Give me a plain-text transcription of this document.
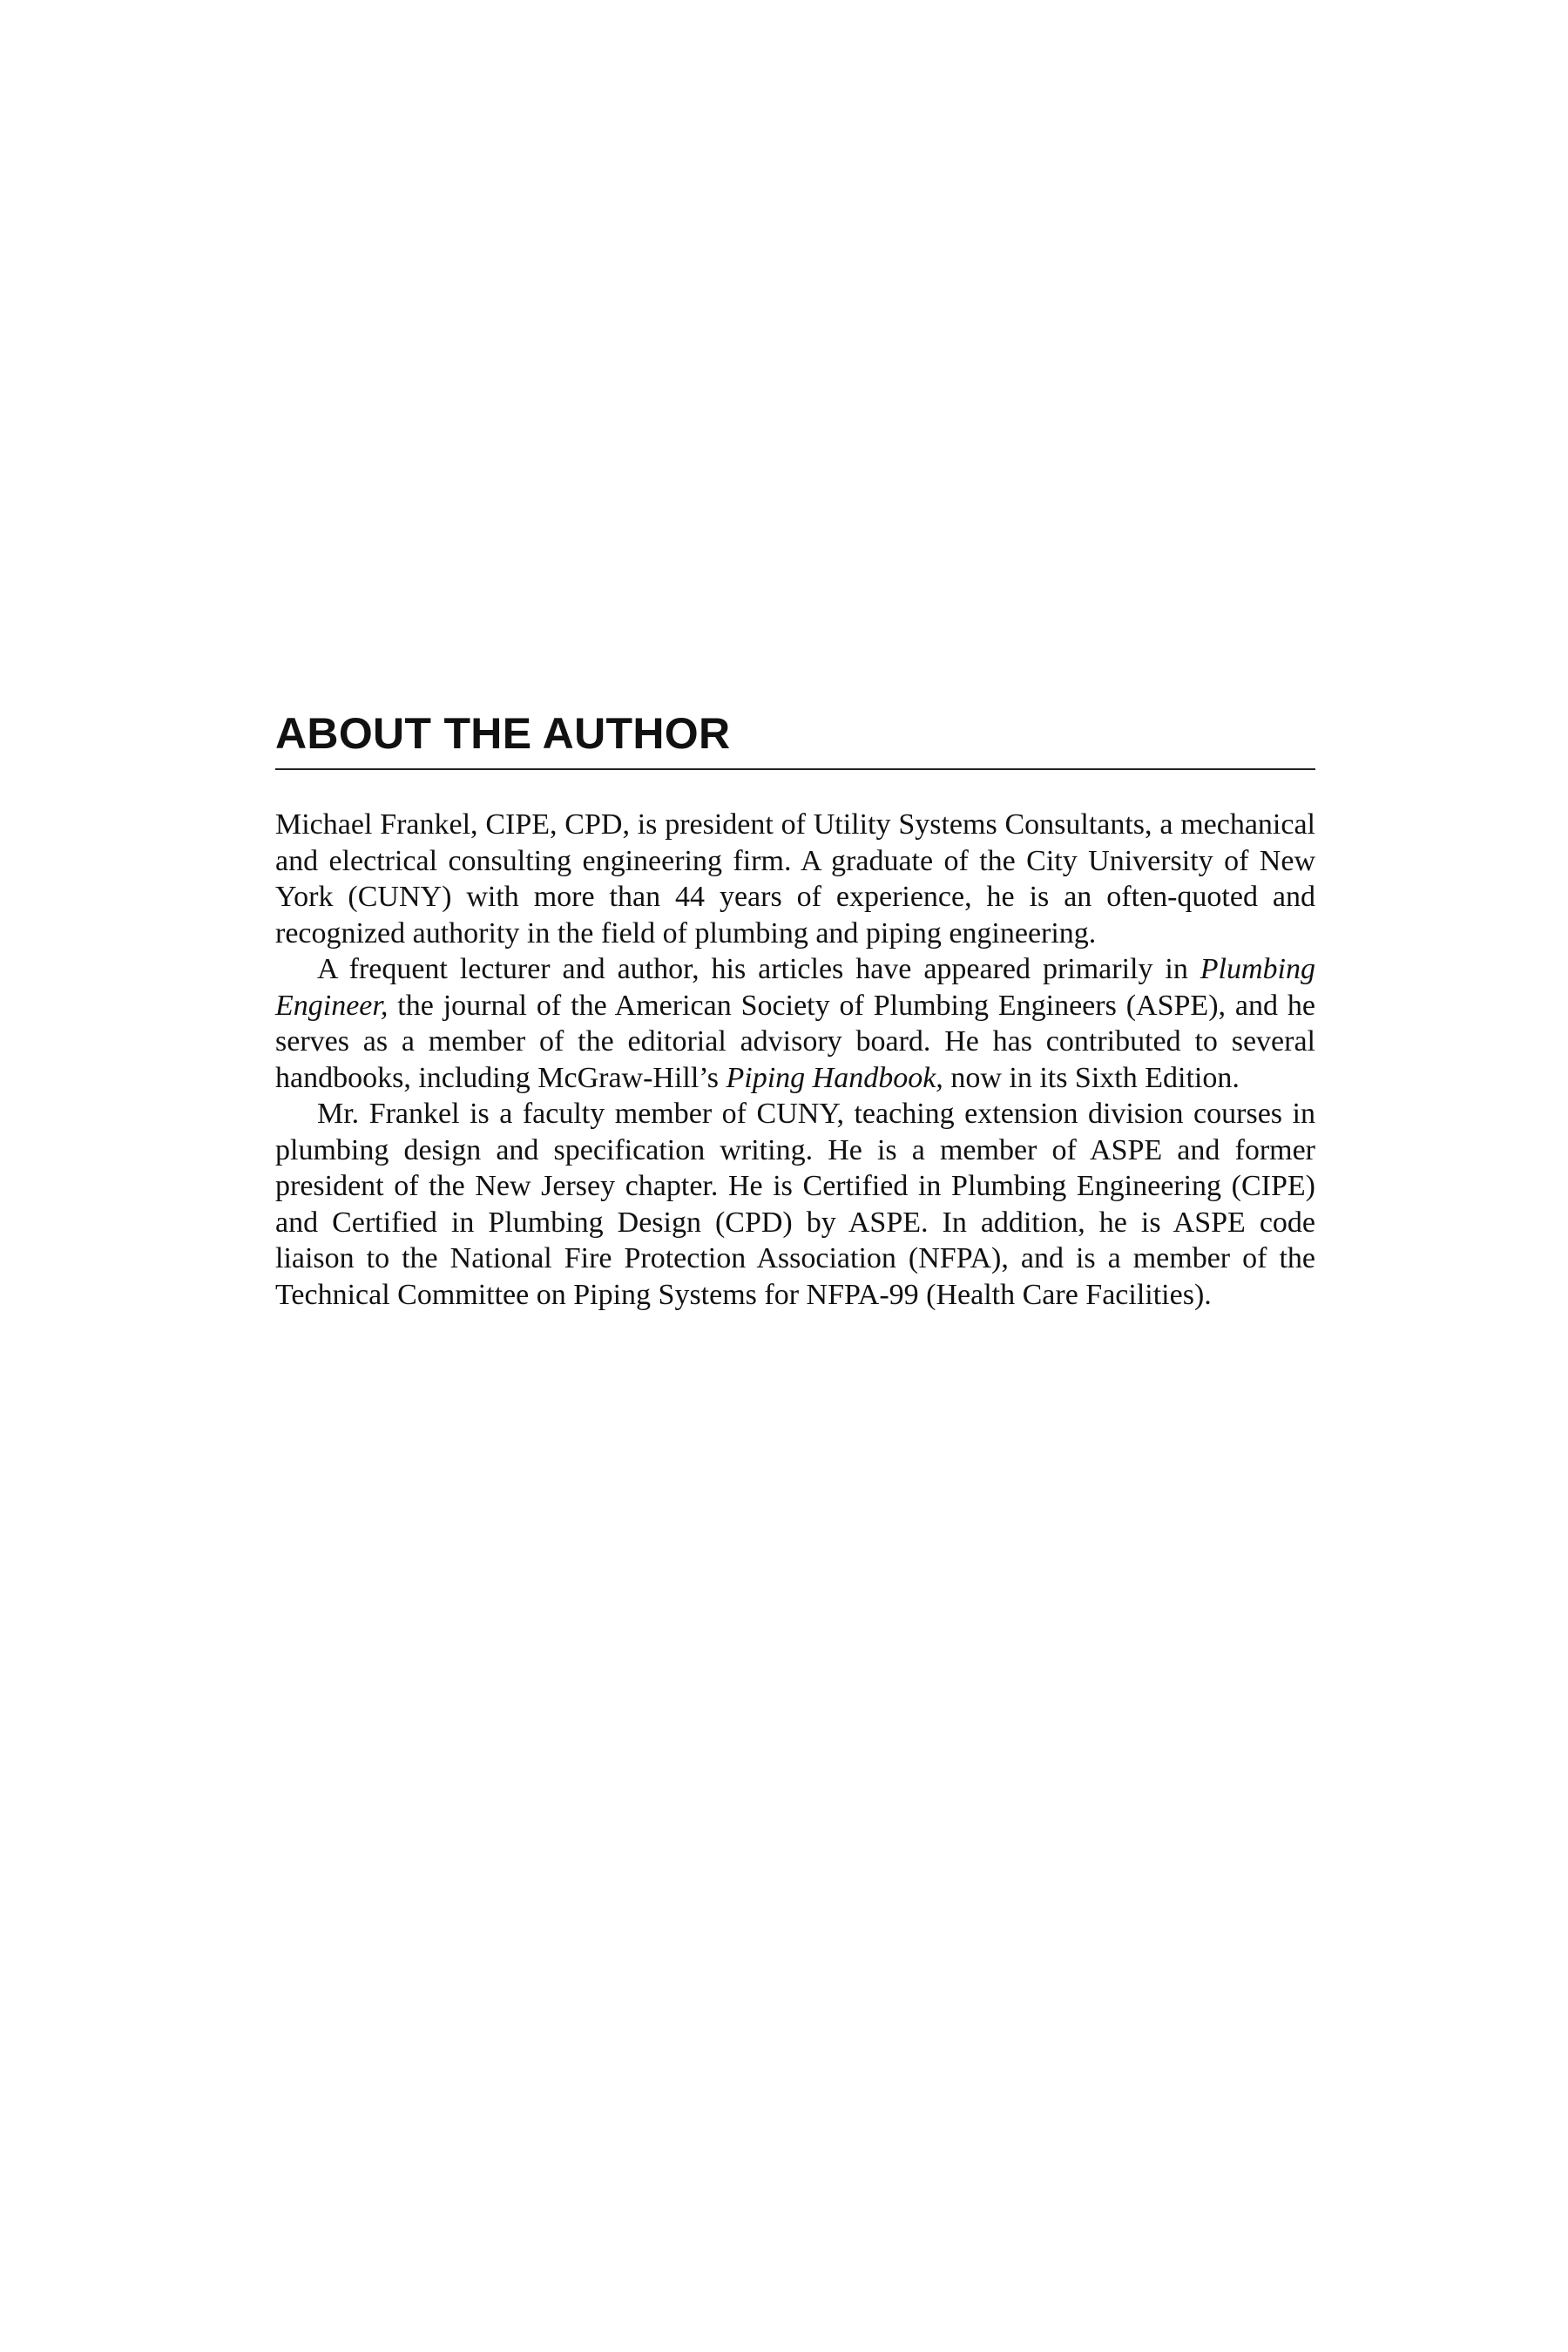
ABOUT THE AUTHOR

Michael Frankel, CIPE, CPD, is president of Utility Systems Consultants, a mechanical and electrical consulting engineering firm. A graduate of the City University of New York (CUNY) with more than 44 years of experience, he is an often-quoted and recognized authority in the field of plumbing and piping engineering.

A frequent lecturer and author, his articles have appeared primarily in Plumbing Engineer, the journal of the American Society of Plumbing Engineers (ASPE), and he serves as a member of the editorial advisory board. He has contributed to several handbooks, including McGraw-Hill’s Piping Handbook, now in its Sixth Edition.

Mr. Frankel is a faculty member of CUNY, teaching extension division courses in plumbing design and specification writing. He is a member of ASPE and former president of the New Jersey chapter. He is Certified in Plumbing Engineering (CIPE) and Certified in Plumbing Design (CPD) by ASPE. In addition, he is ASPE code liaison to the National Fire Protection Association (NFPA), and is a member of the Technical Committee on Piping Systems for NFPA-99 (Health Care Facilities).
